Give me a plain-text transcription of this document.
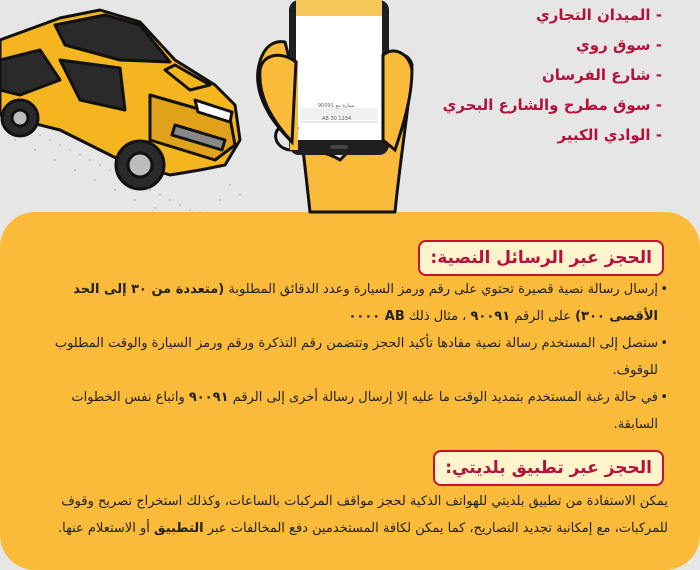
سيارة مع 90091
1234 AB 30
- الميدان التجاري
- سوق روي
- شارع الفرسان
- سوق مطرح والشارع البحري
- الوادي الكبير
الحجز عبر الرسائل النصية:
• إرسال رسالة نصية قصيرة تحتوي على رقم ورمز السيارة وعدد الدقائق المطلوبة (متعددة من ٣٠ إلى الحد الأقصى ٣٠٠) على الرقم ٩٠٠٩١ ، مثال ذلك AB ٠٠٠٠
• ستصل إلى المستخدم رسالة نصية مفادها تأكيد الحجز وتتضمن رقم التذكرة ورقم ورمز السيارة والوقت المطلوب للوقوف.
• في حالة رغبة المستخدم بتمديد الوقت ما عليه إلا إرسال رسالة أخرى إلى الرقم ٩٠٠٩١ واتباع نفس الخطوات السابقة.
الحجز عبر تطبيق بلديتي:
يمكن الاستفادة من تطبيق بلديتي للهواتف الذكية لحجز مواقف المركبات بالساعات، وكذلك استخراج تصريح وقوف للمركبات، مع إمكانية تجديد التصاريح، كما يمكن لكافة المستخدمين دفع المخالفات عبر التطبيق أو الاستعلام عنها.
